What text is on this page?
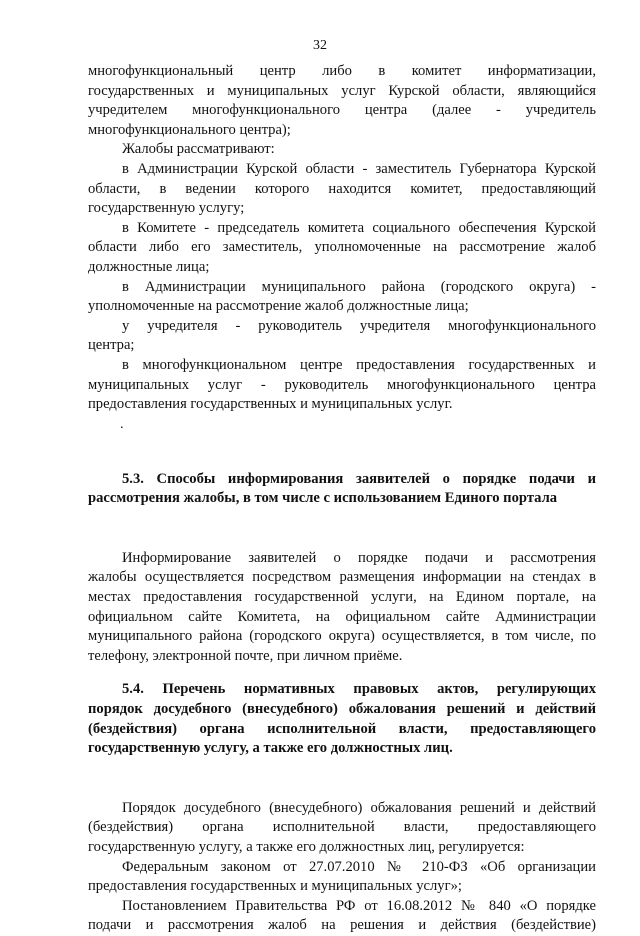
32
многофункциональный центр либо в комитет информатизации,
государственных и муниципальных услуг Курской области, являющийся
учредителем многофункционального центра (далее - учредитель
многофункционального центра);
Жалобы рассматривают:
в Администрации Курской области - заместитель Губернатора Курской
области, в ведении которого находится комитет, предоставляющий
государственную услугу;
в Комитете - председатель комитета социального обеспечения Курской
области либо его заместитель, уполномоченные на рассмотрение жалоб
должностные лица;
в Администрации муниципального района (городского округа) -
уполномоченные на рассмотрение жалоб должностные лица;
у учредителя - руководитель учредителя многофункционального
центра;
в многофункциональном центре предоставления государственных и
муниципальных услуг - руководитель многофункционального центра
предоставления государственных и муниципальных услуг.
.
5.3. Способы информирования заявителей о порядке подачи и
рассмотрения жалобы, в том числе с использованием Единого портала
Информирование заявителей о порядке подачи и рассмотрения
жалобы осуществляется посредством размещения информации на стендах в
местах предоставления государственной услуги, на Едином портале, на
официальном сайте Комитета, на официальном сайте Администрации
муниципального района (городского округа) осуществляется, в том числе, по
телефону, электронной почте, при личном приёме.
5.4. Перечень нормативных правовых актов, регулирующих
порядок досудебного (внесудебного) обжалования решений и действий
(бездействия) органа исполнительной власти, предоставляющего
государственную услугу, а также его должностных лиц.
Порядок досудебного (внесудебного) обжалования решений и действий
(бездействия) органа исполнительной власти, предоставляющего
государственную услугу, а также его должностных лиц, регулируется:
Федеральным законом от 27.07.2010 № 210-ФЗ «Об организации
предоставления государственных и муниципальных услуг»;
Постановлением Правительства РФ от 16.08.2012 № 840 «О порядке
подачи и рассмотрения жалоб на решения и действия (бездействие)
